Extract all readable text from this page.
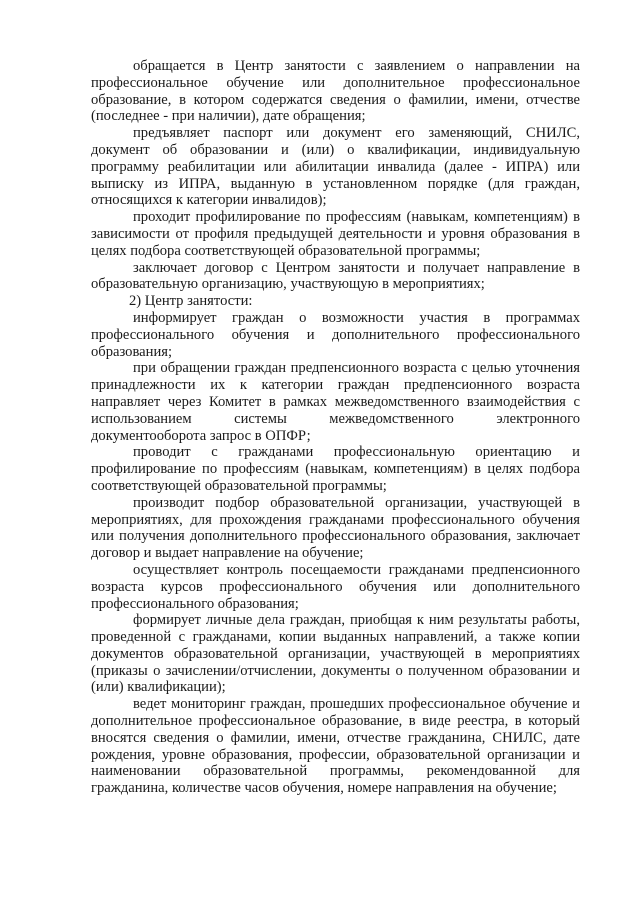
обращается в Центр занятости с заявлением о направлении на профессиональное обучение или дополнительное профессиональное образование, в котором содержатся сведения о фамилии, имени, отчестве (последнее - при наличии), дате обращения;

предъявляет паспорт или документ его заменяющий, СНИЛС, документ об образовании и (или) о квалификации, индивидуальную программу реабилитации или абилитации инвалида (далее - ИПРА) или выписку из ИПРА, выданную в установленном порядке (для граждан, относящихся к категории инвалидов);

проходит профилирование по профессиям (навыкам, компетенциям) в зависимости от профиля предыдущей деятельности и уровня образования в целях подбора соответствующей образовательной программы;

заключает договор с Центром занятости и получает направление в образовательную организацию, участвующую в мероприятиях;

2) Центр занятости:

информирует граждан о возможности участия в программах профессионального обучения и дополнительного профессионального образования;

при обращении граждан предпенсионного возраста с целью уточнения принадлежности их к категории граждан предпенсионного возраста направляет через Комитет в рамках межведомственного взаимодействия с использованием системы межведомственного электронного документооборота запрос в ОПФР;

проводит с гражданами профессиональную ориентацию и профилирование по профессиям (навыкам, компетенциям) в целях подбора соответствующей образовательной программы;

производит подбор образовательной организации, участвующей в мероприятиях, для прохождения гражданами профессионального обучения или получения дополнительного профессионального образования, заключает договор и выдает направление на обучение;

осуществляет контроль посещаемости гражданами предпенсионного возраста курсов профессионального обучения или дополнительного профессионального образования;

формирует личные дела граждан, приобщая к ним результаты работы, проведенной с гражданами, копии выданных направлений, а также копии документов образовательной организации, участвующей в мероприятиях (приказы о зачислении/отчислении, документы о полученном образовании и (или) квалификации);

ведет мониторинг граждан, прошедших профессиональное обучение и дополнительное профессиональное образование, в виде реестра, в который вносятся сведения о фамилии, имени, отчестве гражданина, СНИЛС, дате рождения, уровне образования, профессии, образовательной организации и наименовании образовательной программы, рекомендованной для гражданина, количестве часов обучения, номере направления на обучение;
